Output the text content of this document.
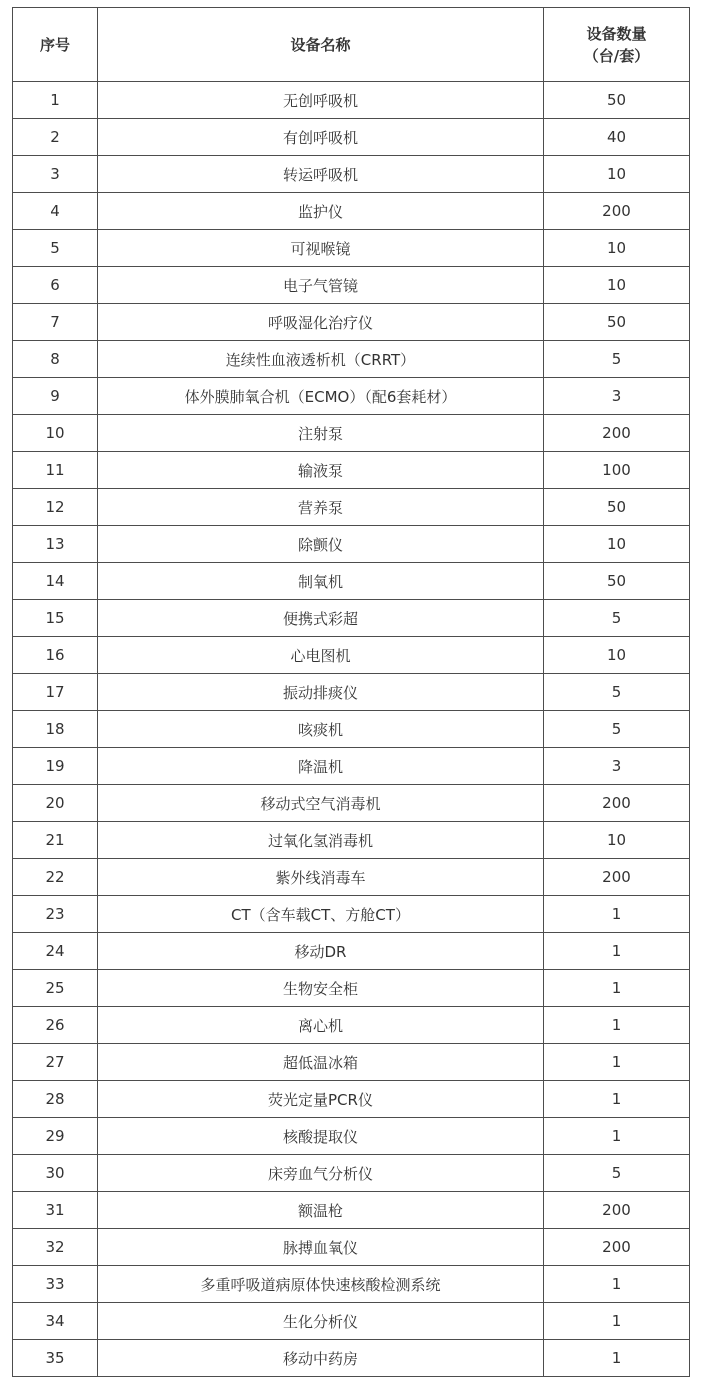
序号	设备名称	设备数量
（台/套）

1	无创呼吸机	50
2	有创呼吸机	40
3	转运呼吸机	10
4	监护仪	200
5	可视喉镜	10
6	电子气管镜	10
7	呼吸湿化治疗仪	50
8	连续性血液透析机（CRRT）	5
9	体外膜肺氧合机（ECMO）（配6套耗材）	3
10	注射泵	200
11	输液泵	100
12	营养泵	50
13	除颤仪	10
14	制氧机	50
15	便携式彩超	5
16	心电图机	10
17	振动排痰仪	5
18	咳痰机	5
19	降温机	3
20	移动式空气消毒机	200
21	过氧化氢消毒机	10
22	紫外线消毒车	200
23	CT（含车载CT、方舱CT）	1
24	移动DR	1
25	生物安全柜	1
26	离心机	1
27	超低温冰箱	1
28	荧光定量PCR仪	1
29	核酸提取仪	1
30	床旁血气分析仪	5
31	额温枪	200
32	脉搏血氧仪	200
33	多重呼吸道病原体快速核酸检测系统	1
34	生化分析仪	1
35	移动中药房	1
